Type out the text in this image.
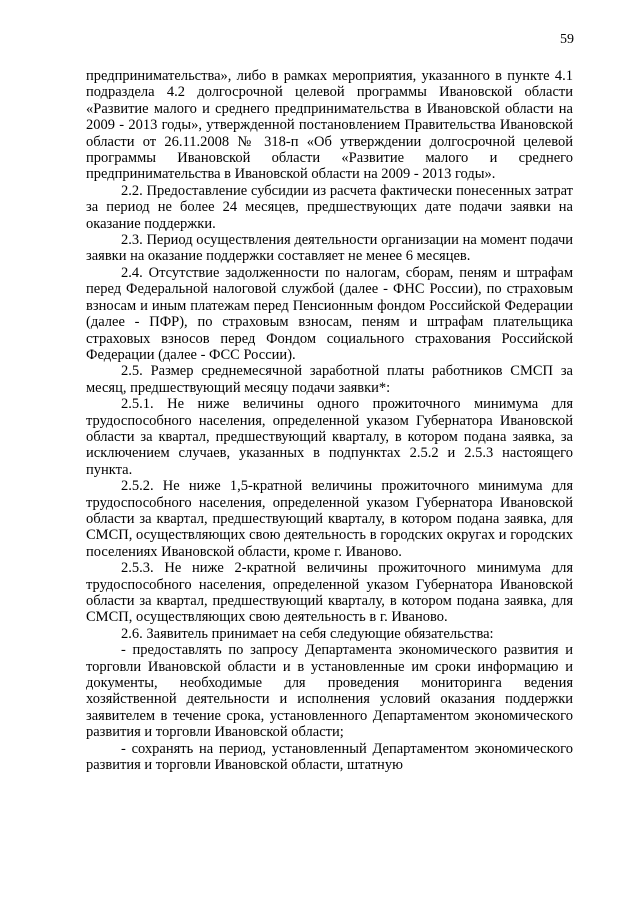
59

предпринимательства», либо в рамках мероприятия, указанного в пункте 4.1 подраздела 4.2 долгосрочной целевой программы Ивановской области «Развитие малого и среднего предпринимательства в Ивановской области на 2009 - 2013 годы», утвержденной постановлением Правительства Ивановской области от 26.11.2008 № 318-п «Об утверждении долгосрочной целевой программы Ивановской области «Развитие малого и среднего предпринимательства в Ивановской области на 2009 - 2013 годы».

2.2. Предоставление субсидии из расчета фактически понесенных затрат за период не более 24 месяцев, предшествующих дате подачи заявки на оказание поддержки.

2.3. Период осуществления деятельности организации на момент подачи заявки на оказание поддержки составляет не менее 6 месяцев.

2.4. Отсутствие задолженности по налогам, сборам, пеням и штрафам перед Федеральной налоговой службой (далее - ФНС России), по страховым взносам и иным платежам перед Пенсионным фондом Российской Федерации (далее - ПФР), по страховым взносам, пеням и штрафам плательщика страховых взносов перед Фондом социального страхования Российской Федерации (далее - ФСС России).

2.5. Размер среднемесячной заработной платы работников СМСП за месяц, предшествующий месяцу подачи заявки*:

2.5.1. Не ниже величины одного прожиточного минимума для трудоспособного населения, определенной указом Губернатора Ивановской области за квартал, предшествующий кварталу, в котором подана заявка, за исключением случаев, указанных в подпунктах 2.5.2 и 2.5.3 настоящего пункта.

2.5.2. Не ниже 1,5-кратной величины прожиточного минимума для трудоспособного населения, определенной указом Губернатора Ивановской области за квартал, предшествующий кварталу, в котором подана заявка, для СМСП, осуществляющих свою деятельность в городских округах и городских поселениях Ивановской области, кроме г. Иваново.

2.5.3. Не ниже 2-кратной величины прожиточного минимума для трудоспособного населения, определенной указом Губернатора Ивановской области за квартал, предшествующий кварталу, в котором подана заявка, для СМСП, осуществляющих свою деятельность в г. Иваново.

2.6. Заявитель принимает на себя следующие обязательства:

- предоставлять по запросу Департамента экономического развития и торговли Ивановской области и в установленные им сроки информацию и документы, необходимые для проведения мониторинга ведения хозяйственной деятельности и исполнения условий оказания поддержки заявителем в течение срока, установленного Департаментом экономического развития и торговли Ивановской области;

- сохранять на период, установленный Департаментом экономического развития и торговли Ивановской области, штатную
